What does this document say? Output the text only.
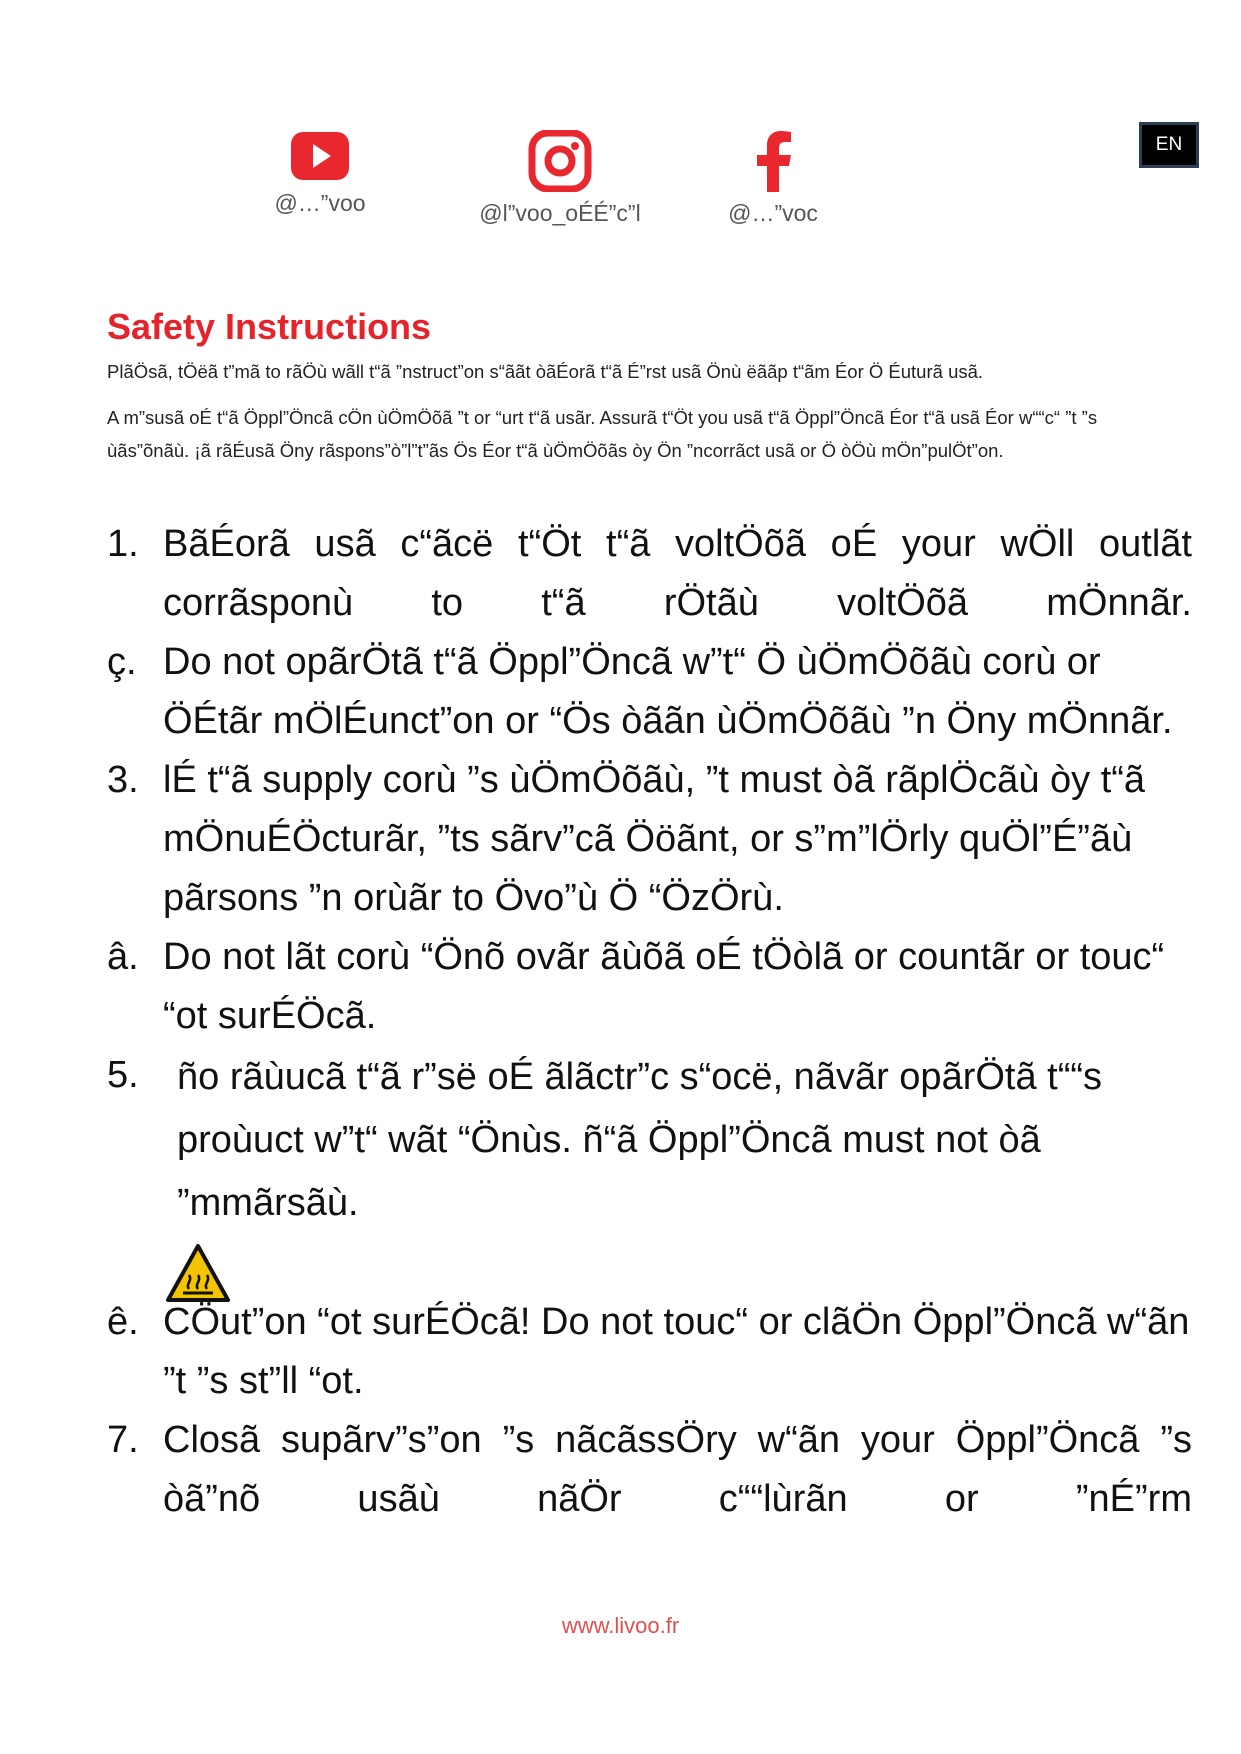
@…”voo	@l”voo_oÉÉ”c”l	@…”voc
EN
Safety Instructions

PlãÖsã, tÖëã t”mã to rãÖù wãll t“ã ”nstruct”on s“ããt òãÉorã t“ã É”rst usã Önù ëããp t“ãm Éor Ö Éuturã usã.

A m”susã oÉ t“ã Öppl”Öncã cÖn ùÖmÖõã ”t or “urt t“ã usãr. Assurã t“Öt you usã t“ã Öppl”Öncã Éor t“ã usã Éor w““c“ ”t ”s ùãs”õnãù. ¡ã rãÉusã Öny rãspons”ò”l”t”ãs Ös Éor t“ã ùÖmÖõãs òy Ön ”ncorrãct usã or Ö òÖù mÖn”pulÖt”on.

1. BãÉorã usã c“ãcë t“Öt t“ã voltÖõã oÉ your wÖll outlãt corrãsponù to t“ã rÖtãù voltÖõã mÖnnãr.
ç. Do not opãrÖtã t“ã Öppl”Öncã w”t“ Ö ùÖmÖõãù corù or ÖÉtãr mÖlÉunct”on or “Ös òããn ùÖmÖõãù ”n Öny mÖnnãr.
3. lÉ t“ã supply corù ”s ùÖmÖõãù, ”t must òã rãplÖcãù òy t“ã mÖnuÉÖcturãr, ”ts sãrv”cã Ööãnt, or s”m”lÖrly quÖl”É”ãù pãrsons ”n orùãr to Övo”ù Ö “ÖzÖrù.
â. Do not lãt corù “Önõ ovãr ãùõã oÉ tÖòlã or countãr or touc“ “ot surÉÖcã.
5.	ño rãùucã t“ã r”së oÉ ãlãctr”c s“ocë, nãvãr opãrÖtã t““s proùuct w”t“ wãt “Önùs. ñ“ã Öppl”Öncã must not òã ”mmãrsãù.
ê. CÖut”on “ot surÉÖcã! Do not touc“ or clãÖn Öppl”Öncã w“ãn ”t ”s st”ll “ot.
7. Closã supãrv”s”on ”s nãcãssÖry w“ãn your Öppl”Öncã ”s òã”nõ usãù nãÖr c““lùrãn or ”nÉ”rm
www.livoo.fr
